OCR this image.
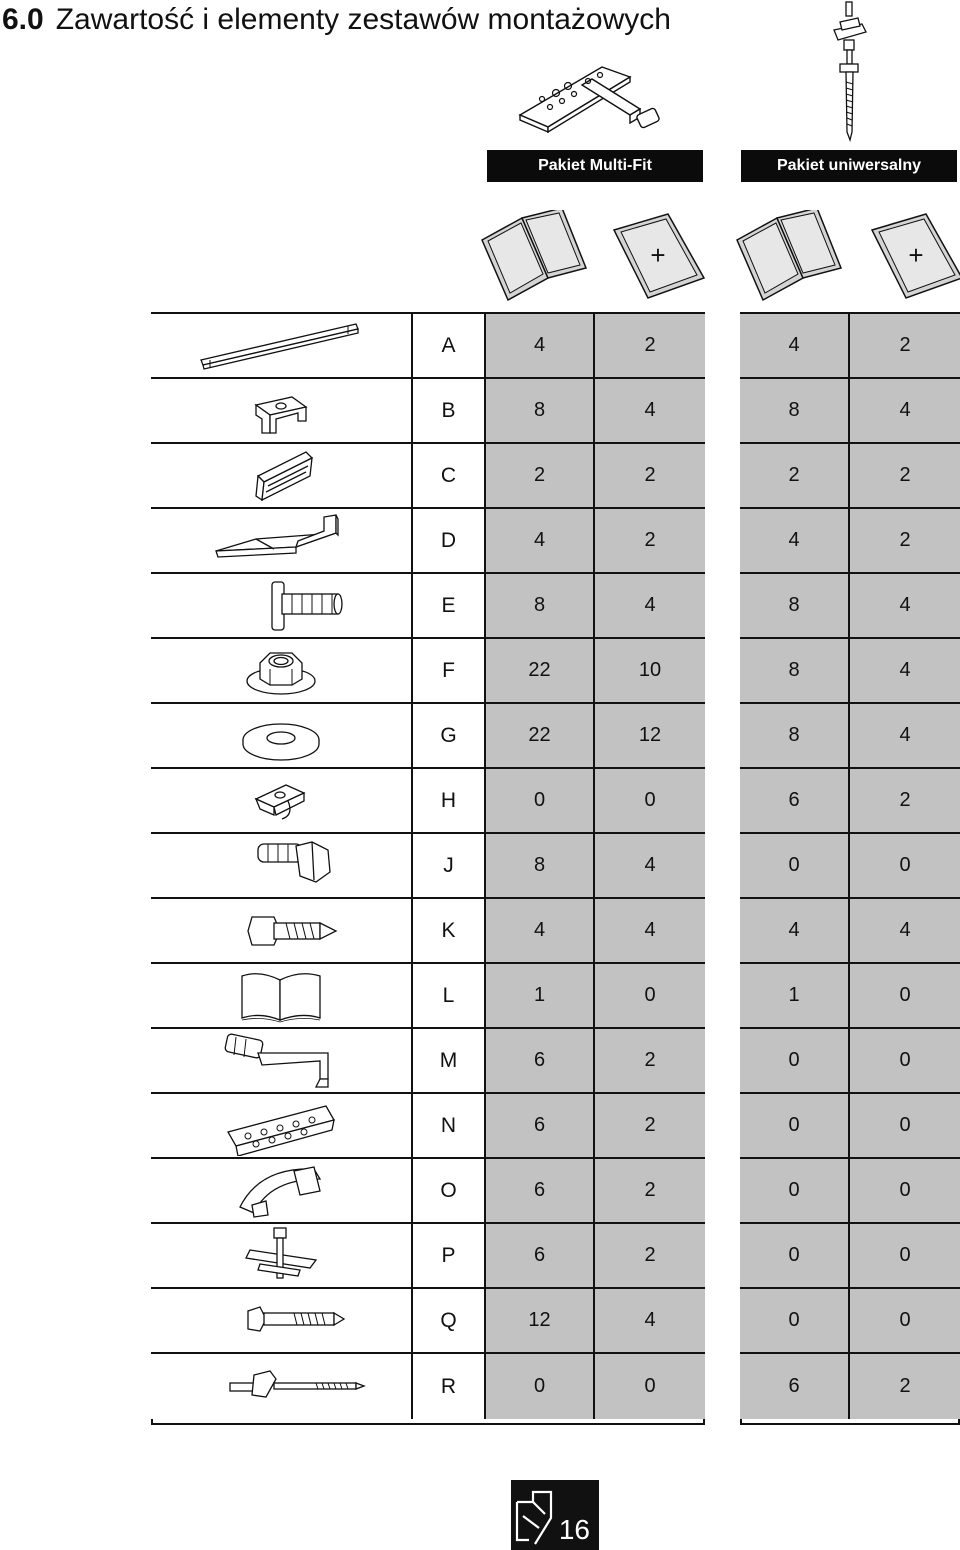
6.0 Zawartość i elementy zestawów montażowych
Pakiet Multi-Fit	Pakiet uniwersalny
+	+
A	4	2	4	2
B	8	4	8	4
C	2	2	2	2
D	4	2	4	2
E	8	4	8	4
F	22	10	8	4
G	22	12	8	4
H	0	0	6	2
J	8	4	0	0
K	4	4	4	4
L	1	0	1	0
M	6	2	0	0
N	6	2	0	0
O	6	2	0	0
P	6	2	0	0
Q	12	4	0	0
R	0	0	6	2
16
